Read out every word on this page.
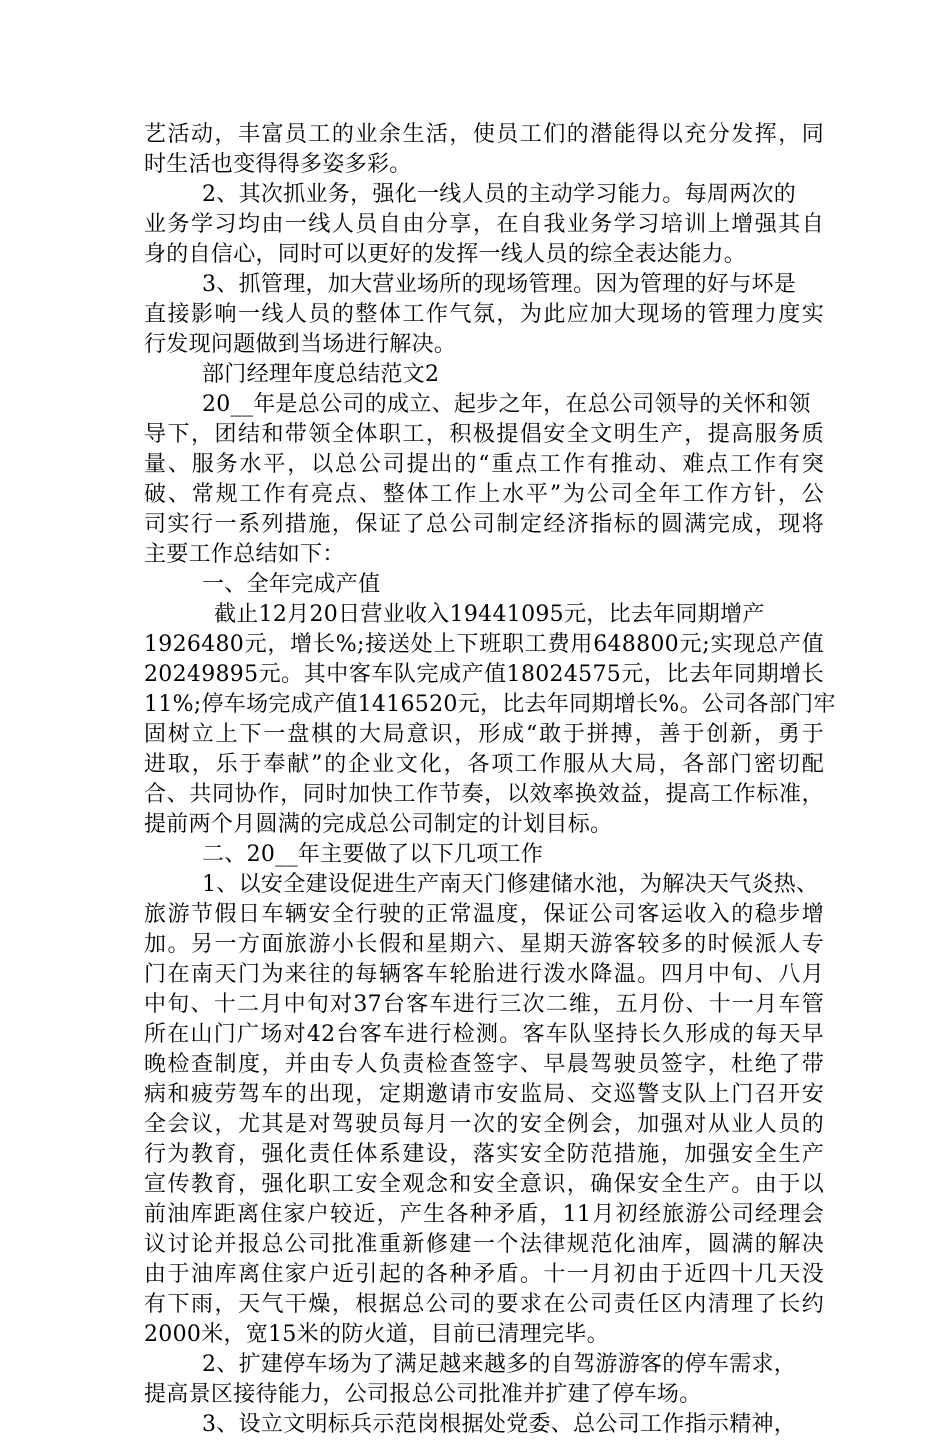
艺活动，丰富员工的业余生活，使员工们的潜能得以充分发挥，同
时生活也变得得多姿多彩。
2、其次抓业务，强化一线人员的主动学习能力。每周两次的
业务学习均由一线人员自由分享，在自我业务学习培训上增强其自
身的自信心，同时可以更好的发挥一线人员的综全表达能力。
3、抓管理，加大营业场所的现场管理。因为管理的好与坏是
直接影响一线人员的整体工作气氛，为此应加大现场的管理力度实
行发现问题做到当场进行解决。
部门经理年度总结范文2
20__年是总公司的成立、起步之年，在总公司领导的关怀和领
导下，团结和带领全体职工，积极提倡安全文明生产，提高服务质
量、服务水平，以总公司提出的“重点工作有推动、难点工作有突
破、常规工作有亮点、整体工作上水平”为公司全年工作方针，公
司实行一系列措施，保证了总公司制定经济指标的圆满完成，现将
主要工作总结如下：
一、全年完成产值
截止12月20日营业收入19441095元，比去年同期增产
1926480元，增长%;接送处上下班职工费用648800元;实现总产值
20249895元。其中客车队完成产值18024575元，比去年同期增长
11%;停车场完成产值1416520元，比去年同期增长%。公司各部门牢
固树立上下一盘棋的大局意识，形成“敢于拼搏，善于创新，勇于
进取，乐于奉献”的企业文化，各项工作服从大局，各部门密切配
合、共同协作，同时加快工作节奏，以效率换效益，提高工作标准，
提前两个月圆满的完成总公司制定的计划目标。
二、20__年主要做了以下几项工作
1、以安全建设促进生产南天门修建储水池，为解决天气炎热、
旅游节假日车辆安全行驶的正常温度，保证公司客运收入的稳步增
加。另一方面旅游小长假和星期六、星期天游客较多的时候派人专
门在南天门为来往的每辆客车轮胎进行泼水降温。四月中旬、八月
中旬、十二月中旬对37台客车进行三次二维，五月份、十一月车管
所在山门广场对42台客车进行检测。客车队坚持长久形成的每天早
晚检查制度，并由专人负责检查签字、早晨驾驶员签字，杜绝了带
病和疲劳驾车的出现，定期邀请市安监局、交巡警支队上门召开安
全会议，尤其是对驾驶员每月一次的安全例会，加强对从业人员的
行为教育，强化责任体系建设，落实安全防范措施，加强安全生产
宣传教育，强化职工安全观念和安全意识，确保安全生产。由于以
前油库距离住家户较近，产生各种矛盾，11月初经旅游公司经理会
议讨论并报总公司批准重新修建一个法律规范化油库，圆满的解决
由于油库离住家户近引起的各种矛盾。十一月初由于近四十几天没
有下雨，天气干燥，根据总公司的要求在公司责任区内清理了长约
2000米，宽15米的防火道，目前已清理完毕。
2、扩建停车场为了满足越来越多的自驾游游客的停车需求，
提高景区接待能力，公司报总公司批准并扩建了停车场。
3、设立文明标兵示范岗根据处党委、总公司工作指示精神，
